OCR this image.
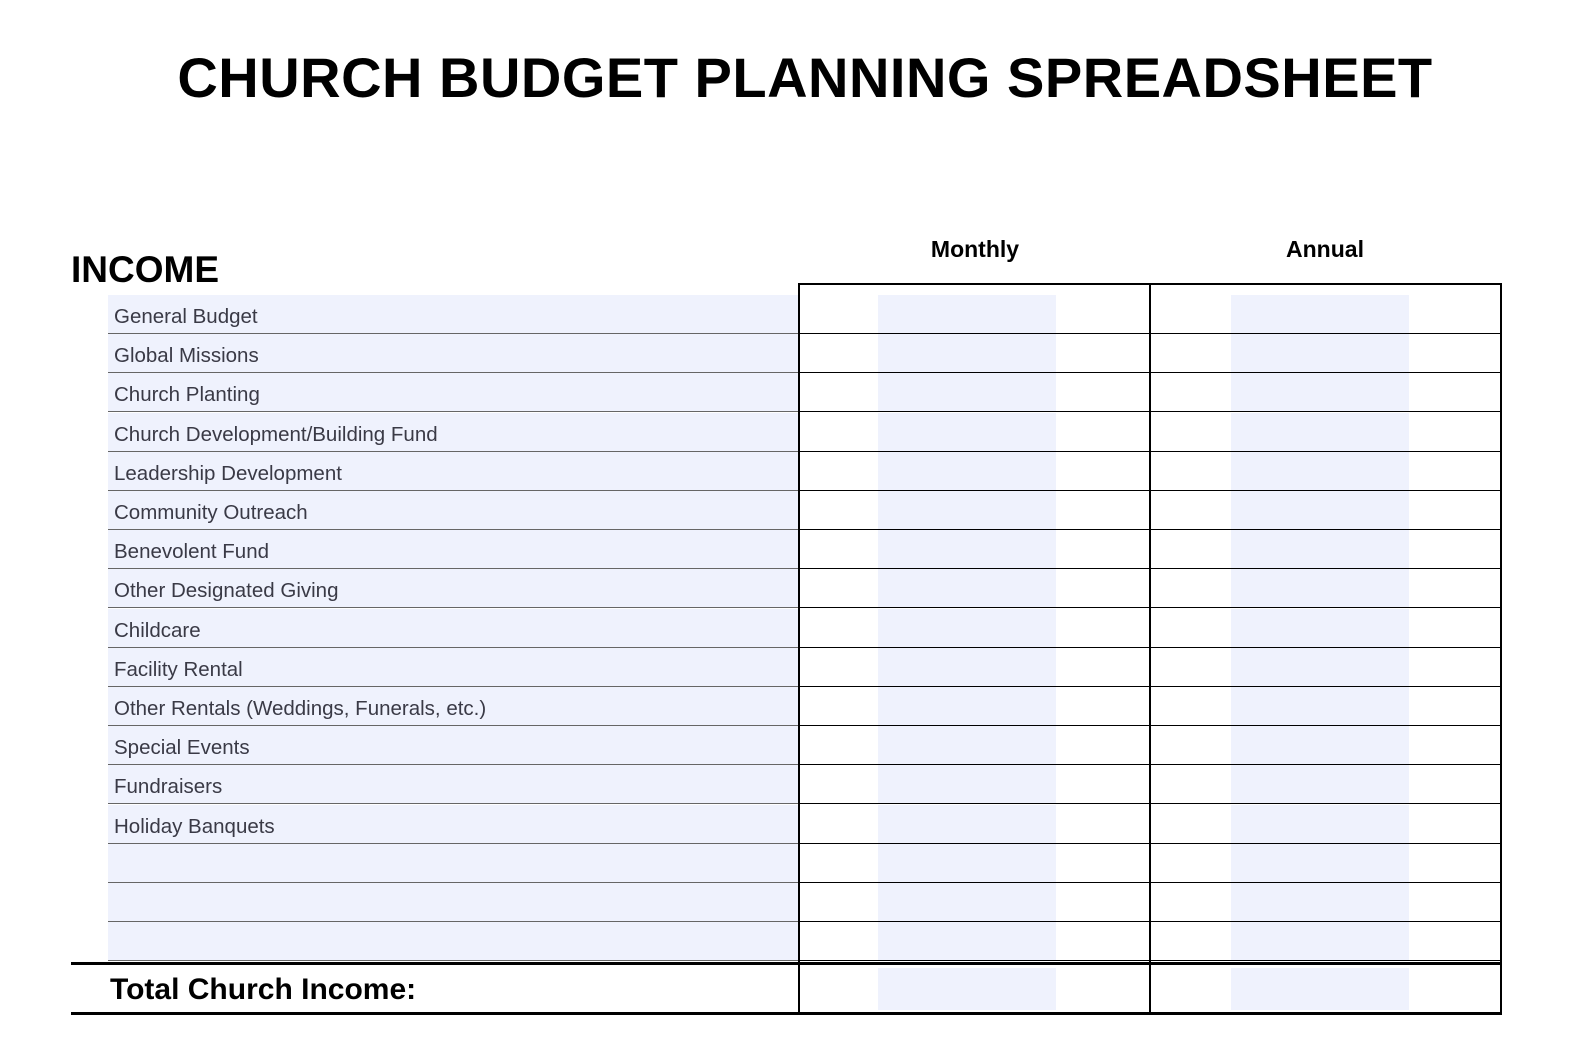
CHURCH BUDGET PLANNING SPREADSHEET
INCOME	Monthly	Annual
General Budget
Global Missions
Church Planting
Church Development/Building Fund
Leadership Development
Community Outreach
Benevolent Fund
Other Designated Giving
Childcare
Facility Rental
Other Rentals (Weddings, Funerals, etc.)
Special Events
Fundraisers
Holiday Banquets
Total Church Income:
